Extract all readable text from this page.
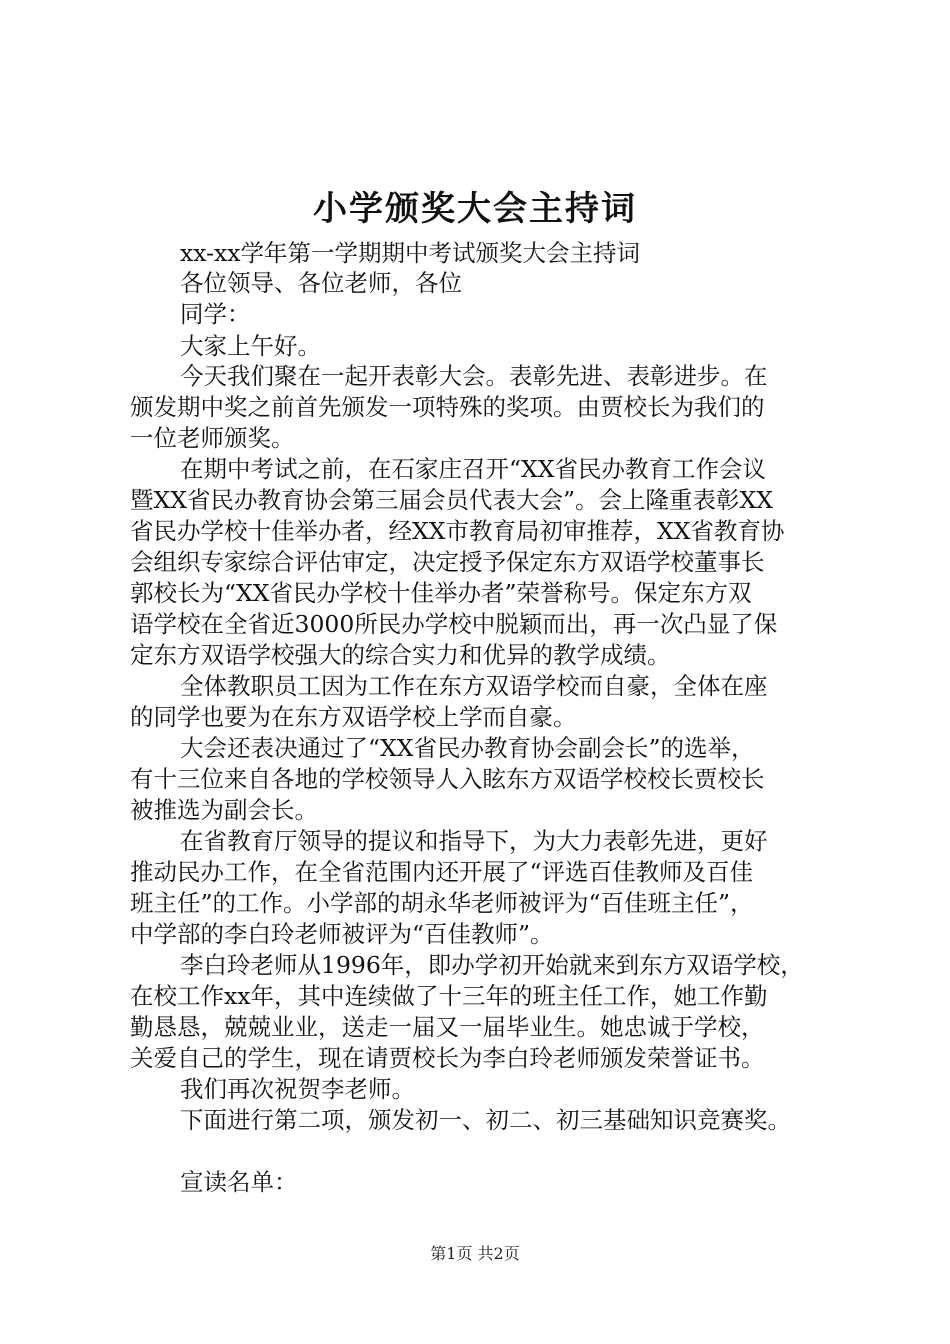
小学颁奖大会主持词

xx-xx学年第一学期期中考试颁奖大会主持词

各位领导、各位老师，各位

同学：

大家上午好。

今天我们聚在一起开表彰大会。表彰先进、表彰进步。在

颁发期中奖之前首先颁发一项特殊的奖项。由贾校长为我们的

一位老师颁奖。

在期中考试之前，在石家庄召开“XX省民办教育工作会议

暨XX省民办教育协会第三届会员代表大会”。会上隆重表彰XX

省民办学校十佳举办者，经XX市教育局初审推荐，XX省教育协

会组织专家综合评估审定，决定授予保定东方双语学校董事长

郭校长为“XX省民办学校十佳举办者”荣誉称号。保定东方双

语学校在全省近3000所民办学校中脱颖而出，再一次凸显了保

定东方双语学校强大的综合实力和优异的教学成绩。

全体教职员工因为工作在东方双语学校而自豪，全体在座

的同学也要为在东方双语学校上学而自豪。

大会还表决通过了“XX省民办教育协会副会长”的选举，

有十三位来自各地的学校领导人入眩东方双语学校校长贾校长

被推选为副会长。

在省教育厅领导的提议和指导下，为大力表彰先进，更好

推动民办工作，在全省范围内还开展了“评选百佳教师及百佳

班主任”的工作。小学部的胡永华老师被评为“百佳班主任”，

中学部的李白玲老师被评为“百佳教师”。

李白玲老师从1996年，即办学初开始就来到东方双语学校，

在校工作xx年，其中连续做了十三年的班主任工作，她工作勤

勤恳恳，兢兢业业，送走一届又一届毕业生。她忠诚于学校，

关爱自己的学生，现在请贾校长为李白玲老师颁发荣誉证书。

我们再次祝贺李老师。

下面进行第二项，颁发初一、初二、初三基础知识竞赛奖。

宣读名单：

第1页 共2页
